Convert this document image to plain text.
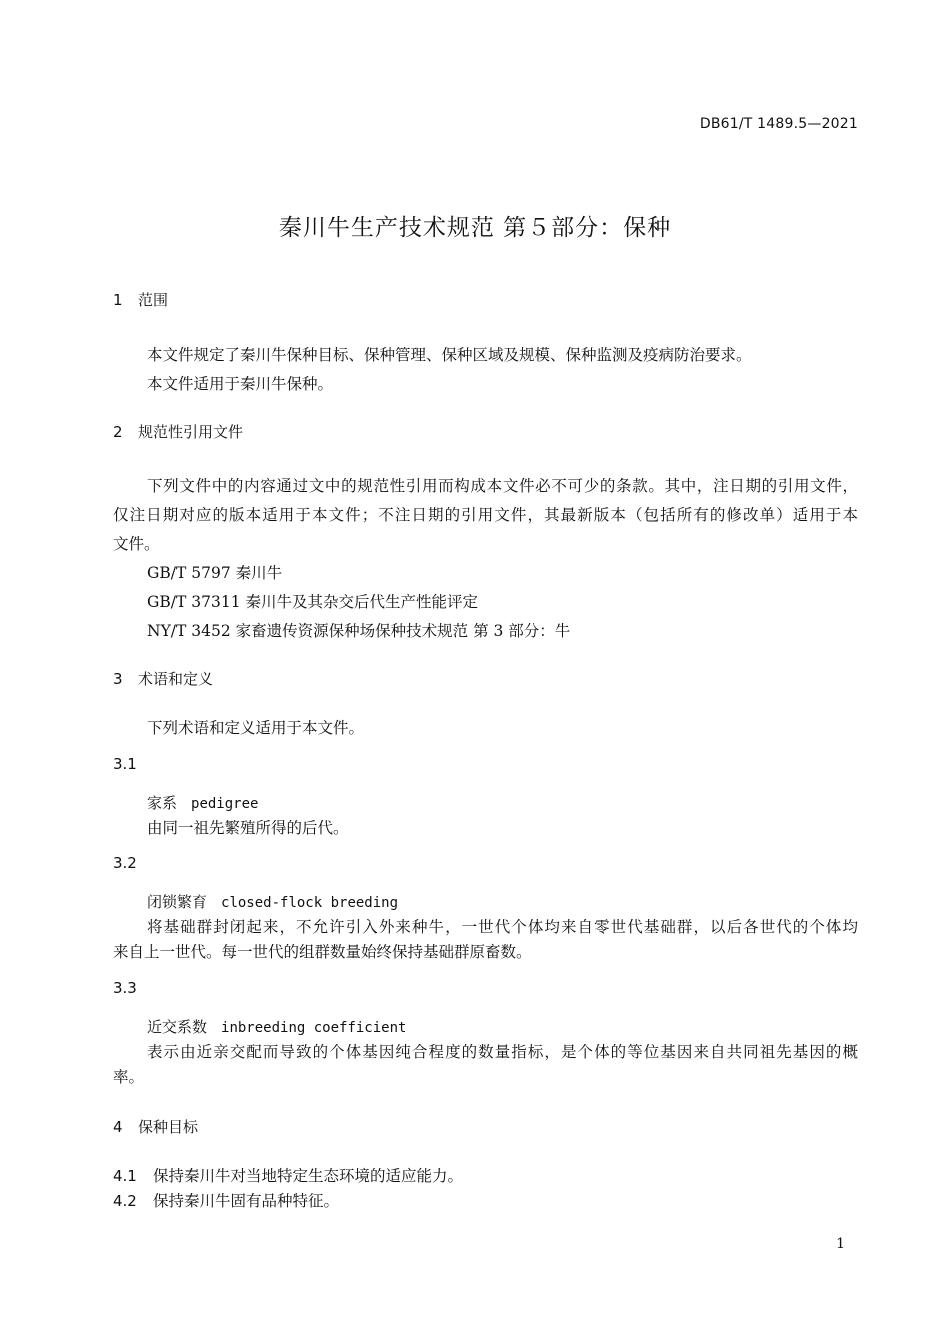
DB61/T 1489.5—2021
秦川牛生产技术规范 第５部分：保种
1 范围
本文件规定了秦川牛保种目标、保种管理、保种区域及规模、保种监测及疫病防治要求。
本文件适用于秦川牛保种。
2 规范性引用文件
下列文件中的内容通过文中的规范性引用而构成本文件必不可少的条款。其中，注日期的引用文件，
仅注日期对应的版本适用于本文件；不注日期的引用文件，其最新版本（包括所有的修改单）适用于本
文件。
GB/T 5797 秦川牛
GB/T 37311 秦川牛及其杂交后代生产性能评定
NY/T 3452 家畜遗传资源保种场保种技术规范 第 3 部分：牛
3 术语和定义
下列术语和定义适用于本文件。
3.1
家系 pedigree
由同一祖先繁殖所得的后代。
3.2
闭锁繁育 closed-flock breeding
将基础群封闭起来，不允许引入外来种牛，一世代个体均来自零世代基础群，以后各世代的个体均
来自上一世代。每一世代的组群数量始终保持基础群原畜数。
3.3
近交系数 inbreeding coefficient
表示由近亲交配而导致的个体基因纯合程度的数量指标，是个体的等位基因来自共同祖先基因的概
率。
4 保种目标
4.1 保持秦川牛对当地特定生态环境的适应能力。
4.2 保持秦川牛固有品种特征。
1
